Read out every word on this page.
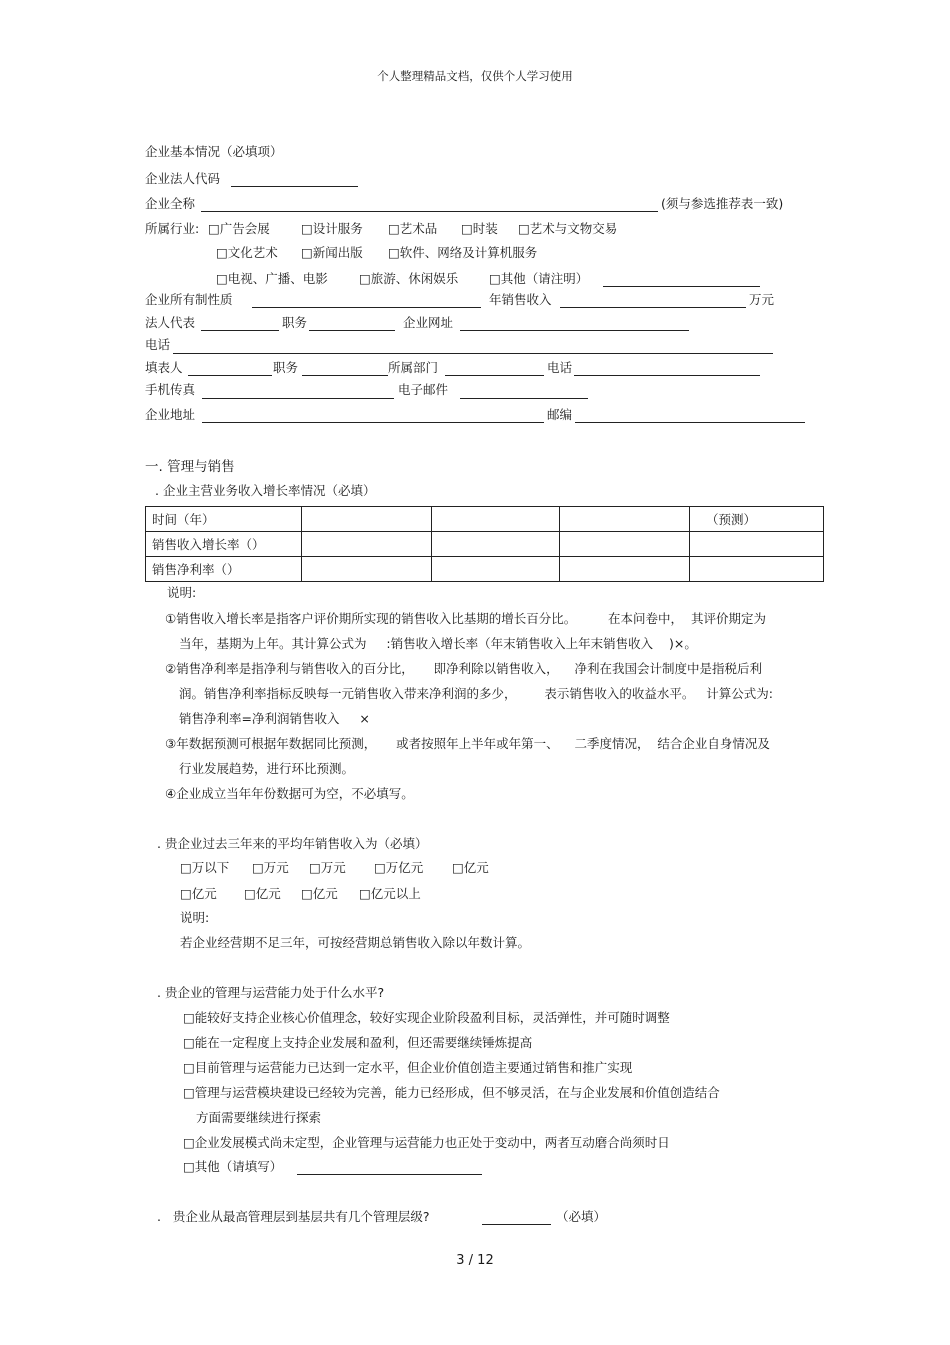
个人整理精品文档，仅供个人学习使用
企业基本情况（必填项）
企业法人代码
企业全称	(须与参选推荐表一致)
所属行业: □广告会展 □设计服务 □艺术品 □时装 □艺术与文物交易
□文化艺术 □新闻出版 □软件、网络及计算机服务
□电视、广播、电影 □旅游、休闲娱乐 □其他（请注明）
企业所有制性质	年销售收入	万元
法人代表	职务	企业网址
电话
填表人	职务	所属部门	电话
手机传真	电子邮件
企业地址	邮编
一. 管理与销售
. 企业主营业务收入增长率情况（必填）
时间（年）				（预测）
销售收入增长率（）				
销售净利率（）				
说明:
①销售收入增长率是指客户评价期所实现的销售收入比基期的增长百分比。        在本问卷中，  其评价期定为
当年，基期为上年。其计算公式为     :销售收入增长率（年末销售收入上年末销售收入    )×。
②销售净利率是指净利与销售收入的百分比，     即净利除以销售收入，    净利在我国会计制度中是指税后利
润。销售净利率指标反映每一元销售收入带来净利润的多少，       表示销售收入的收益水平。   计算公式为:
销售净利率=净利润销售收入     ×
③年数据预测可根据年数据同比预测，     或者按照年上半年或年第一、    二季度情况，  结合企业自身情况及
行业发展趋势，进行环比预测。
④企业成立当年年份数据可为空，不必填写。
. 贵企业过去三年来的平均年销售收入为（必填）
□万以下 □万元 □万元 □万亿元 □亿元
□亿元 □亿元 □亿元 □亿元以上
说明:
若企业经营期不足三年，可按经营期总销售收入除以年数计算。
. 贵企业的管理与运营能力处于什么水平?
□能较好支持企业核心价值理念，较好实现企业阶段盈利目标，灵活弹性，并可随时调整
□能在一定程度上支持企业发展和盈利，但还需要继续锤炼提高
□目前管理与运营能力已达到一定水平，但企业价值创造主要通过销售和推广实现
□管理与运营模块建设已经较为完善，能力已经形成，但不够灵活，在与企业发展和价值创造结合
方面需要继续进行探索
□企业发展模式尚未定型，企业管理与运营能力也正处于变动中，两者互动磨合尚须时日
□其他（请填写）
.   贵企业从最高管理层到基层共有几个管理层级?	（必填）
3 / 12
